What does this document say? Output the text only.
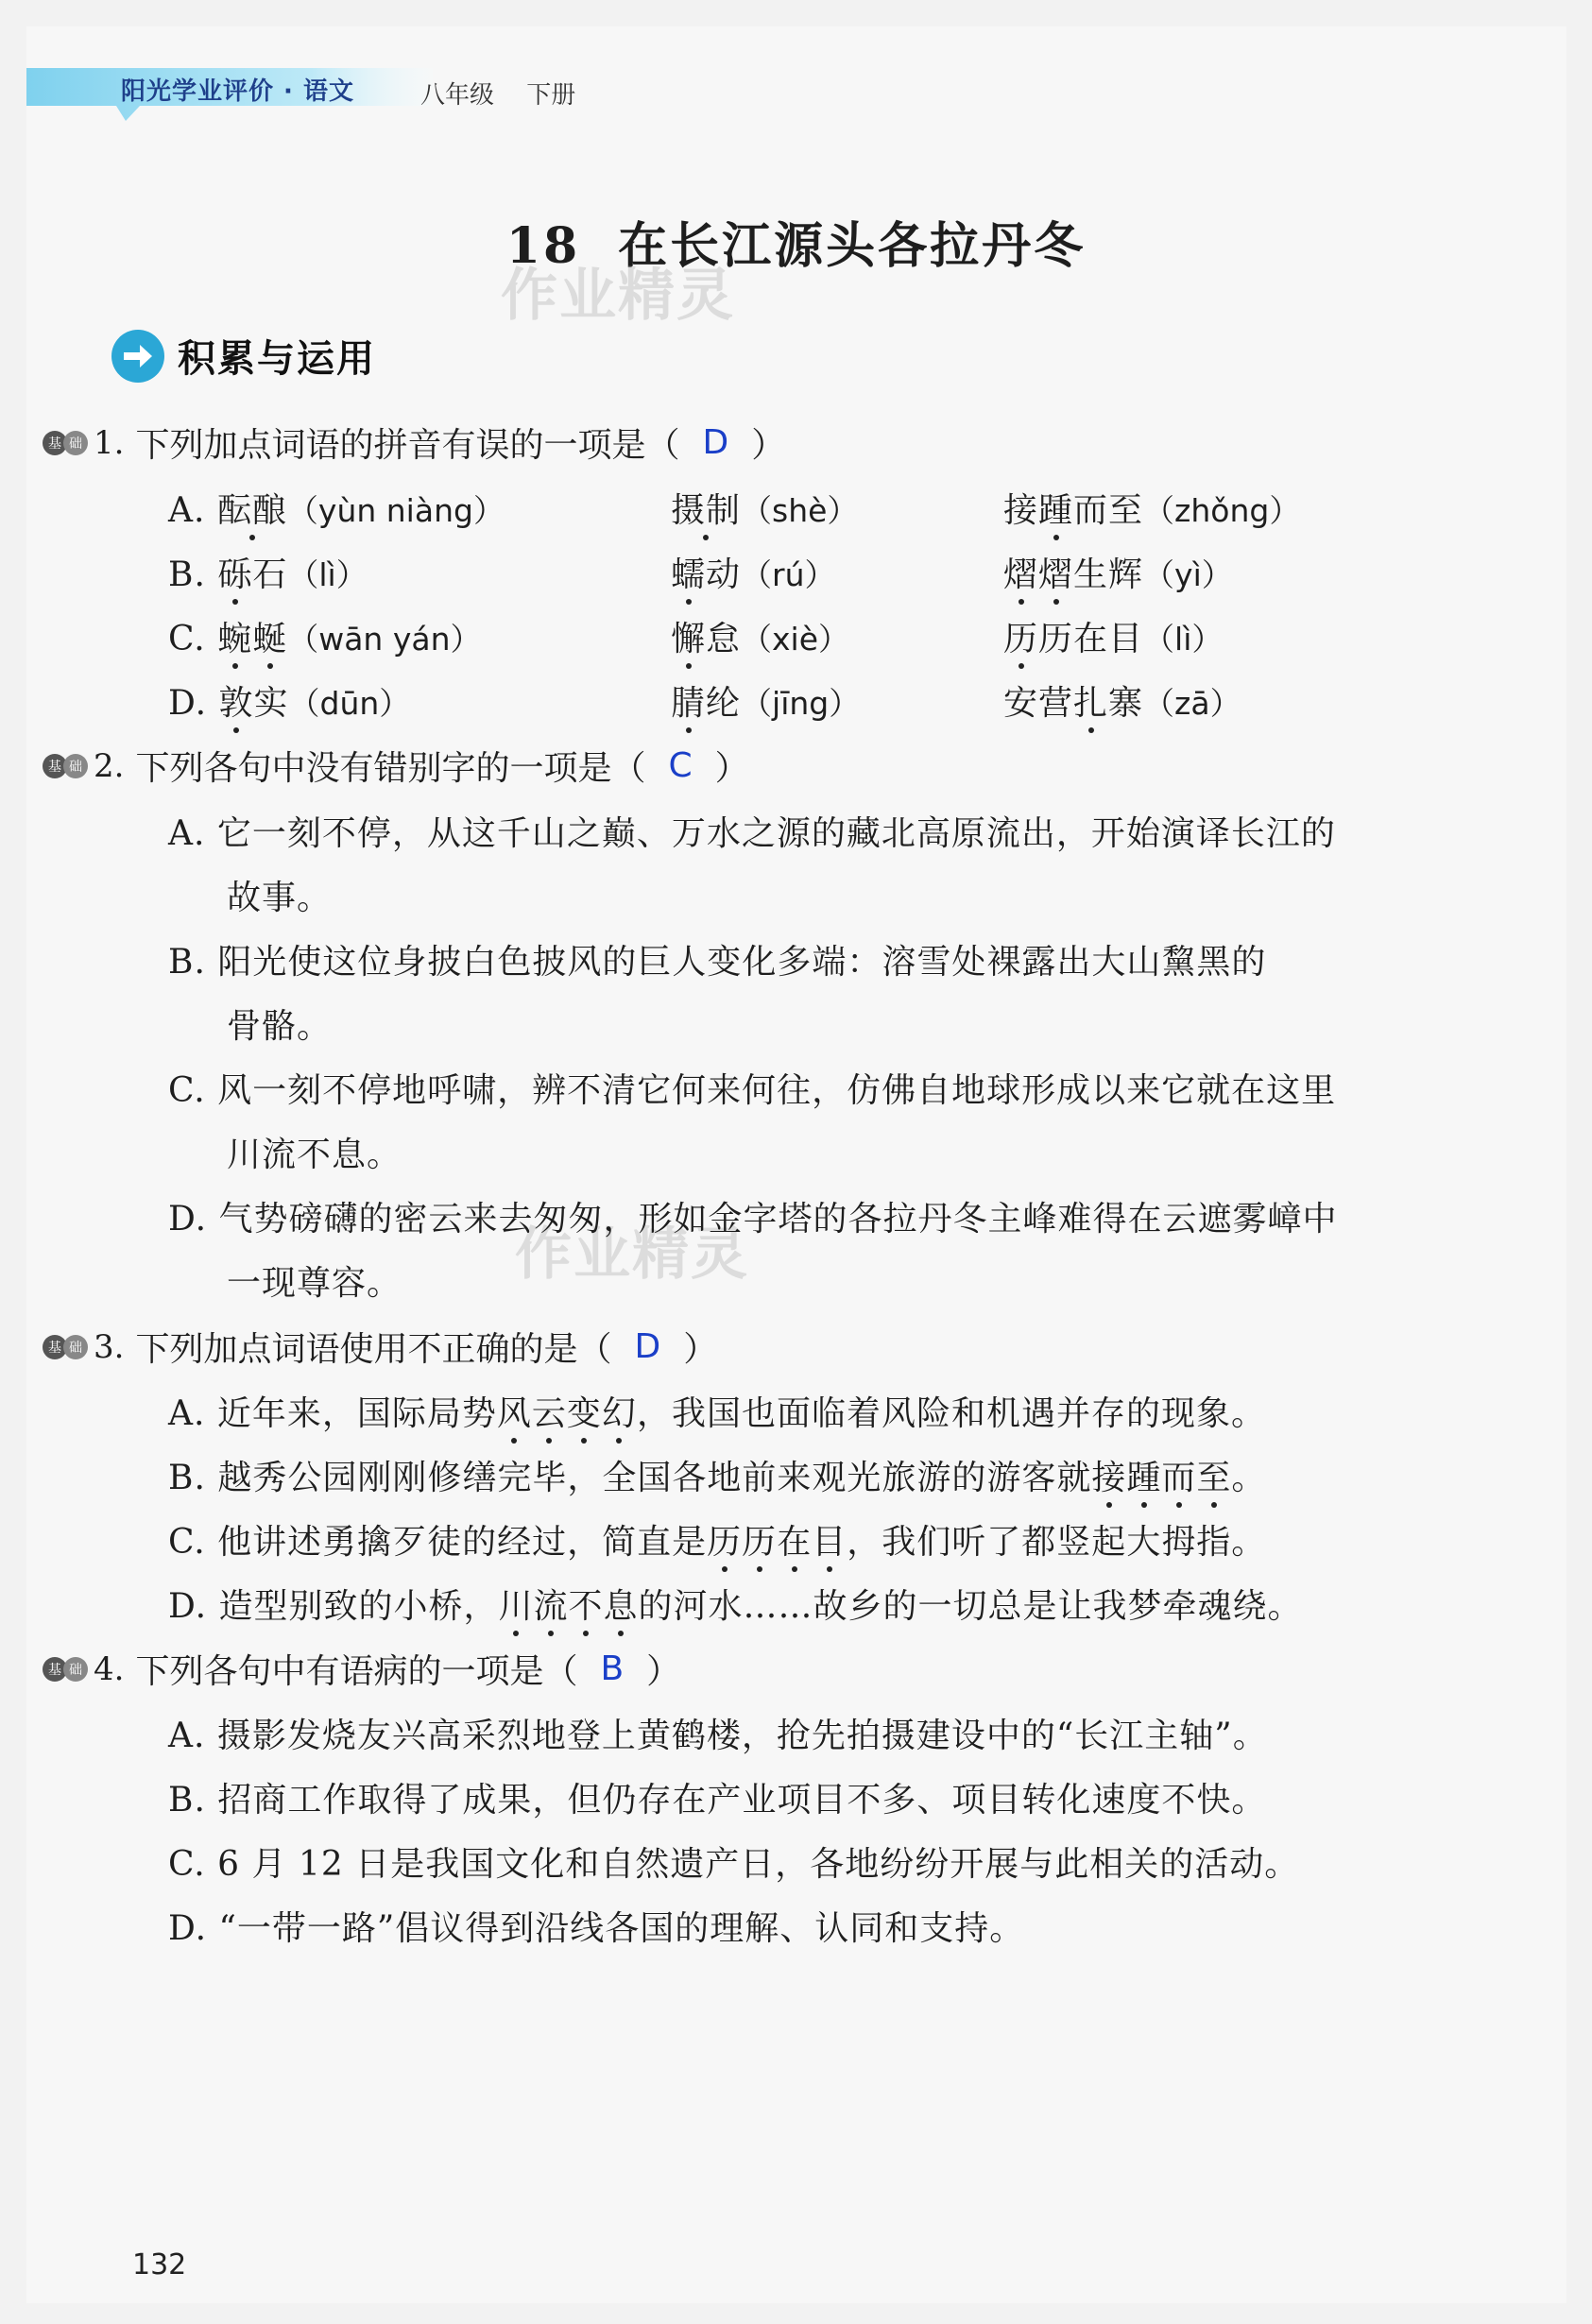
阳光学业评价 · 语文	八年级 下册
18 在长江源头各拉丹冬
作业精灵
作业精灵
积累与运用
基 础 1. 下列加点词语的拼音有误的一项是（ D ）
A. 酝酿（yùn niàng）	摄制（shè）	接踵而至（zhǒng）
B. 砾石（lì）	蠕动（rú）	熠熠生辉（yì）
C. 蜿蜒（wān yán）	懈怠（xiè）	历历在目（lì）
D. 敦实（dūn）	腈纶（jīng）	安营扎寨（zā）
基 础 2. 下列各句中没有错别字的一项是（ C ）
A. 它一刻不停，从这千山之巅、万水之源的藏北高原流出，开始演译长江的
故事。
B. 阳光使这位身披白色披风的巨人变化多端：溶雪处裸露出大山黧黑的
骨骼。
C. 风一刻不停地呼啸，辨不清它何来何往，仿佛自地球形成以来它就在这里
川流不息。
D. 气势磅礴的密云来去匆匆，形如金字塔的各拉丹冬主峰难得在云遮雾嶂中
一现尊容。
基 础 3. 下列加点词语使用不正确的是（ D ）
A. 近年来，国际局势风云变幻，我国也面临着风险和机遇并存的现象。
B. 越秀公园刚刚修缮完毕，全国各地前来观光旅游的游客就接踵而至。
C. 他讲述勇擒歹徒的经过，简直是历历在目，我们听了都竖起大拇指。
D. 造型别致的小桥，川流不息的河水……故乡的一切总是让我梦牵魂绕。
基 础 4. 下列各句中有语病的一项是（ B ）
A. 摄影发烧友兴高采烈地登上黄鹤楼，抢先拍摄建设中的“长江主轴”。
B. 招商工作取得了成果，但仍存在产业项目不多、项目转化速度不快。
C. 6 月 12 日是我国文化和自然遗产日，各地纷纷开展与此相关的活动。
D. “一带一路”倡议得到沿线各国的理解、认同和支持。
132
